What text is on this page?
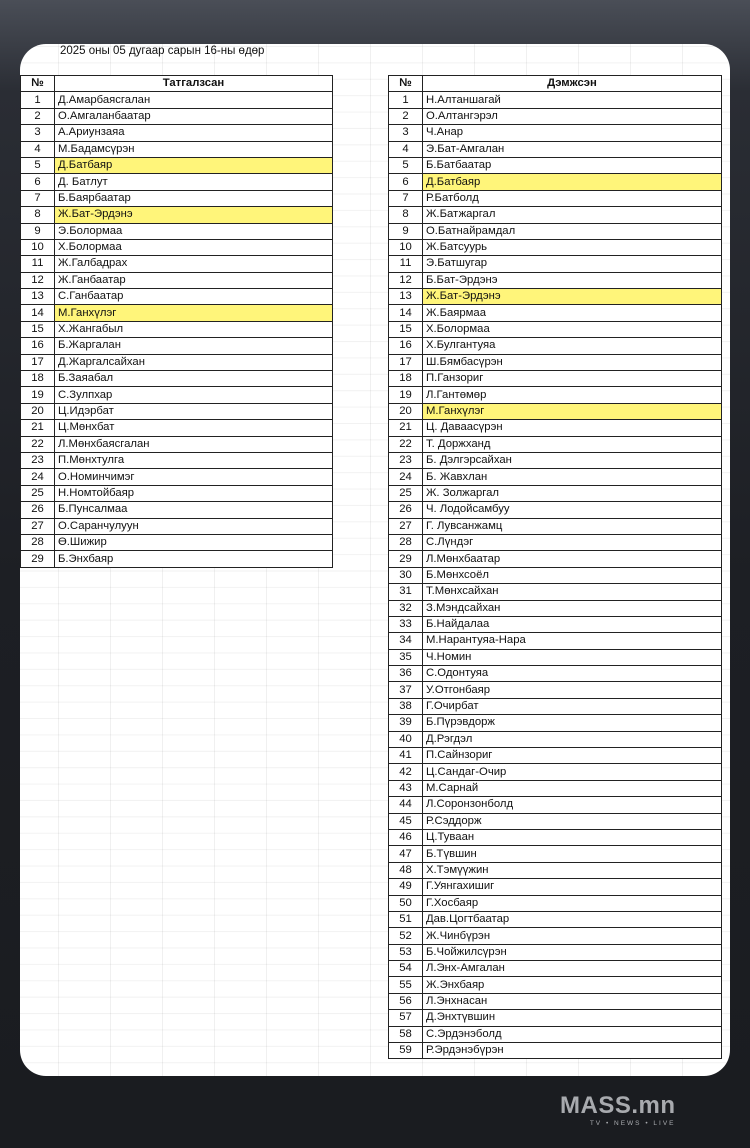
2025 оны 05 дугаар сарын 16-ны өдөр
№	Татгалзсан
1	Д.Амарбаясгалан
2	О.Амгаланбаатар
3	А.Ариунзаяа
4	М.Бадамсүрэн
5	Д.Батбаяр
6	Д. Батлут
7	Б.Баярбаатар
8	Ж.Бат-Эрдэнэ
9	Э.Болормаа
10	Х.Болормаа
11	Ж.Галбадрах
12	Ж.Ганбаатар
13	С.Ганбаатар
14	М.Ганхүлэг
15	Х.Жангабыл
16	Б.Жаргалан
17	Д.Жаргалсайхан
18	Б.Заяабал
19	С.Зулпхар
20	Ц.Идэрбат
21	Ц.Мөнхбат
22	Л.Мөнхбаясгалан
23	П.Мөнхтулга
24	О.Номинчимэг
25	Н.Номтойбаяр
26	Б.Пунсалмаа
27	О.Саранчулуун
28	Ө.Шижир
29	Б.Энхбаяр
№	Дэмжсэн
1	Н.Алтаншагай
2	О.Алтангэрэл
3	Ч.Анар
4	Э.Бат-Амгалан
5	Б.Батбаатар
6	Д.Батбаяр
7	Р.Батболд
8	Ж.Батжаргал
9	О.Батнайрамдал
10	Ж.Батсуурь
11	Э.Батшугар
12	Б.Бат-Эрдэнэ
13	Ж.Бат-Эрдэнэ
14	Ж.Баярмаа
15	Х.Болормаа
16	Х.Булгантуяа
17	Ш.Бямбасүрэн
18	П.Ганзориг
19	Л.Гантөмөр
20	М.Ганхүлэг
21	Ц. Даваасүрэн
22	Т. Доржханд
23	Б. Дэлгэрсайхан
24	Б. Жавхлан
25	Ж. Золжаргал
26	Ч. Лодойсамбуу
27	Г. Лувсанжамц
28	С.Лүндэг
29	Л.Мөнхбаатар
30	Б.Мөнхсоёл
31	Т.Мөнхсайхан
32	З.Мэндсайхан
33	Б.Найдалаа
34	М.Нарантуяа-Нара
35	Ч.Номин
36	С.Одонтуяа
37	У.Отгонбаяр
38	Г.Очирбат
39	Б.Пүрэвдорж
40	Д.Рэгдэл
41	П.Сайнзориг
42	Ц.Сандаг-Очир
43	М.Сарнай
44	Л.Соронзонболд
45	Р.Сэддорж
46	Ц.Туваан
47	Б.Түвшин
48	Х.Тэмүүжин
49	Г.Уянгахишиг
50	Г.Хосбаяр
51	Дав.Цогтбаатар
52	Ж.Чинбүрэн
53	Б.Чойжилсүрэн
54	Л.Энх-Амгалан
55	Ж.Энхбаяр
56	Л.Энхнасан
57	Д.Энхтүвшин
58	С.Эрдэнэболд
59	Р.Эрдэнэбүрэн
MASS.mn
TV • NEWS • LIVE
